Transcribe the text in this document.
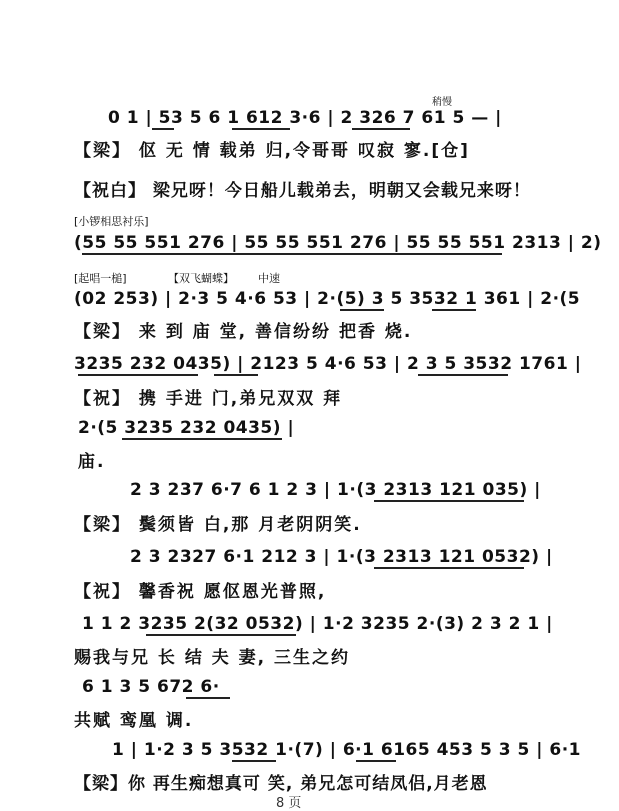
稍慢
0 1 | 53 5 6 1 612 3·6 | 2 326 7 61 5 — |
【梁】 伛 无 情 载弟 归,令哥哥 叹寂 寥.[仓]
【祝白】 梁兄呀！今日船儿载弟去，明朝又会载兄来呀！
[小锣相思衬乐]
(55 55 551 276 | 55 55 551 276 | 55 55 551 2313 | 2)
[起唱一槌]	【双飞蝴蝶】 中速
(02 253) | 2·3 5 4·6 53 | 2·(5) 3 5 3532 1 361 | 2·(5
【梁】 来 到 庙 堂, 善信纷纷 把香 烧.
3235 232 0435) | 2123 5 4·6 53 | 2 3 5 3532 1761 |
【祝】 携 手进 门,弟兄双双 拜
2·(5 3235 232 0435) |
庙.
2 3 237 6·7 6 1 2 3 | 1·(3 2313 121 035) |
【梁】 鬓须皆 白,那 月老阴阴笑.
2 3 2327 6·1 212 3 | 1·(3 2313 121 0532) |
【祝】 馨香祝 愿伛恩光普照,
1 1 2 3235 2(32 0532) | 1·2 3235 2·(3) 2 3 2 1 |
赐我与兄 长 结 夫 妻, 三生之约
6 1 3 5 672 6·
共赋 鸾凰 调.
1 | 1·2 3 5 3532 1·(7) | 6·1 6165 453 5 3 5 | 6·1
【梁】你 再生痴想真可 笑, 弟兄怎可结凤侣,月老恩
8 页
